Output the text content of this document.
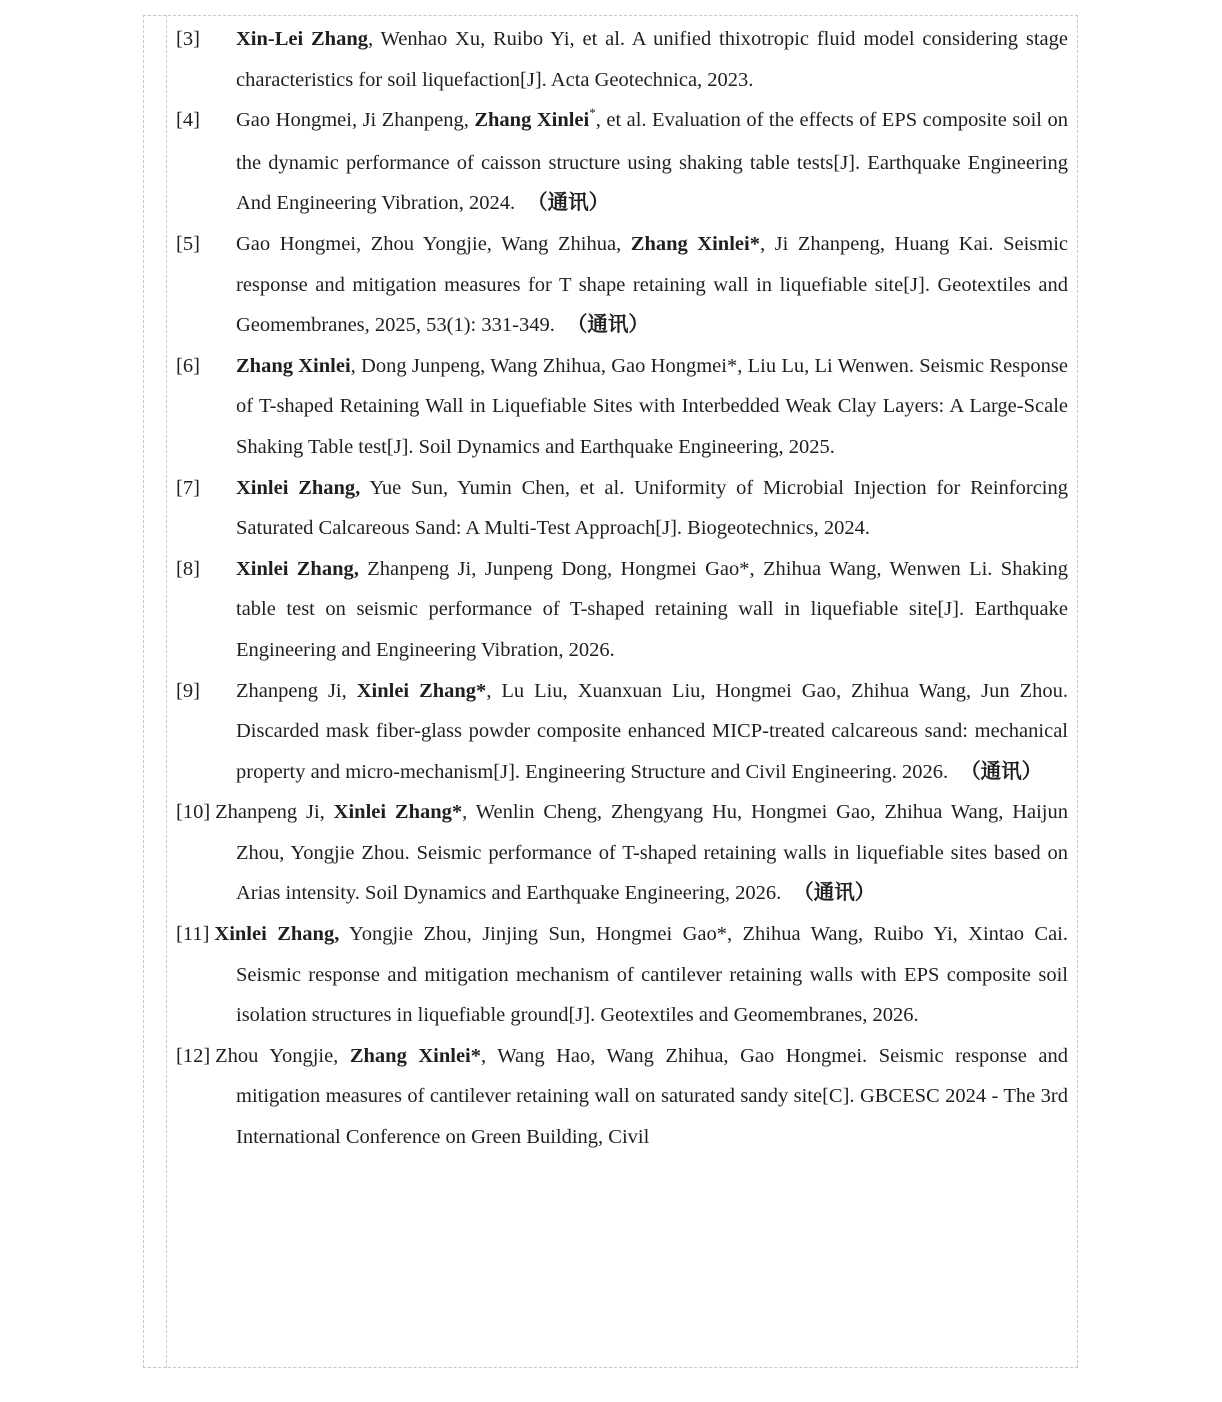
[3] Xin-Lei Zhang, Wenhao Xu, Ruibo Yi, et al. A unified thixotropic fluid model considering stage characteristics for soil liquefaction[J]. Acta Geotechnica, 2023.

[4] Gao Hongmei, Ji Zhanpeng, Zhang Xinlei*, et al. Evaluation of the effects of EPS composite soil on the dynamic performance of caisson structure using shaking table tests[J]. Earthquake Engineering And Engineering Vibration, 2024. （通讯）

[5] Gao Hongmei, Zhou Yongjie, Wang Zhihua, Zhang Xinlei*, Ji Zhanpeng, Huang Kai. Seismic response and mitigation measures for T shape retaining wall in liquefiable site[J]. Geotextiles and Geomembranes, 2025, 53(1): 331-349. （通讯）

[6] Zhang Xinlei, Dong Junpeng, Wang Zhihua, Gao Hongmei*, Liu Lu, Li Wenwen. Seismic Response of T-shaped Retaining Wall in Liquefiable Sites with Interbedded Weak Clay Layers: A Large-Scale Shaking Table test[J]. Soil Dynamics and Earthquake Engineering, 2025.

[7] Xinlei Zhang, Yue Sun, Yumin Chen, et al. Uniformity of Microbial Injection for Reinforcing Saturated Calcareous Sand: A Multi-Test Approach[J]. Biogeotechnics, 2024.

[8] Xinlei Zhang, Zhanpeng Ji, Junpeng Dong, Hongmei Gao*, Zhihua Wang, Wenwen Li. Shaking table test on seismic performance of T-shaped retaining wall in liquefiable site[J]. Earthquake Engineering and Engineering Vibration, 2026.

[9] Zhanpeng Ji, Xinlei Zhang*, Lu Liu, Xuanxuan Liu, Hongmei Gao, Zhihua Wang, Jun Zhou. Discarded mask fiber-glass powder composite enhanced MICP-treated calcareous sand: mechanical property and micro-mechanism[J]. Engineering Structure and Civil Engineering. 2026. （通讯）

[10] Zhanpeng Ji, Xinlei Zhang*, Wenlin Cheng, Zhengyang Hu, Hongmei Gao, Zhihua Wang, Haijun Zhou, Yongjie Zhou. Seismic performance of T-shaped retaining walls in liquefiable sites based on Arias intensity. Soil Dynamics and Earthquake Engineering, 2026. （通讯）

[11] Xinlei Zhang, Yongjie Zhou, Jinjing Sun, Hongmei Gao*, Zhihua Wang, Ruibo Yi, Xintao Cai. Seismic response and mitigation mechanism of cantilever retaining walls with EPS composite soil isolation structures in liquefiable ground[J]. Geotextiles and Geomembranes, 2026.

[12] Zhou Yongjie, Zhang Xinlei*, Wang Hao, Wang Zhihua, Gao Hongmei. Seismic response and mitigation measures of cantilever retaining wall on saturated sandy site[C]. GBCESC 2024 - The 3rd International Conference on Green Building, Civil
